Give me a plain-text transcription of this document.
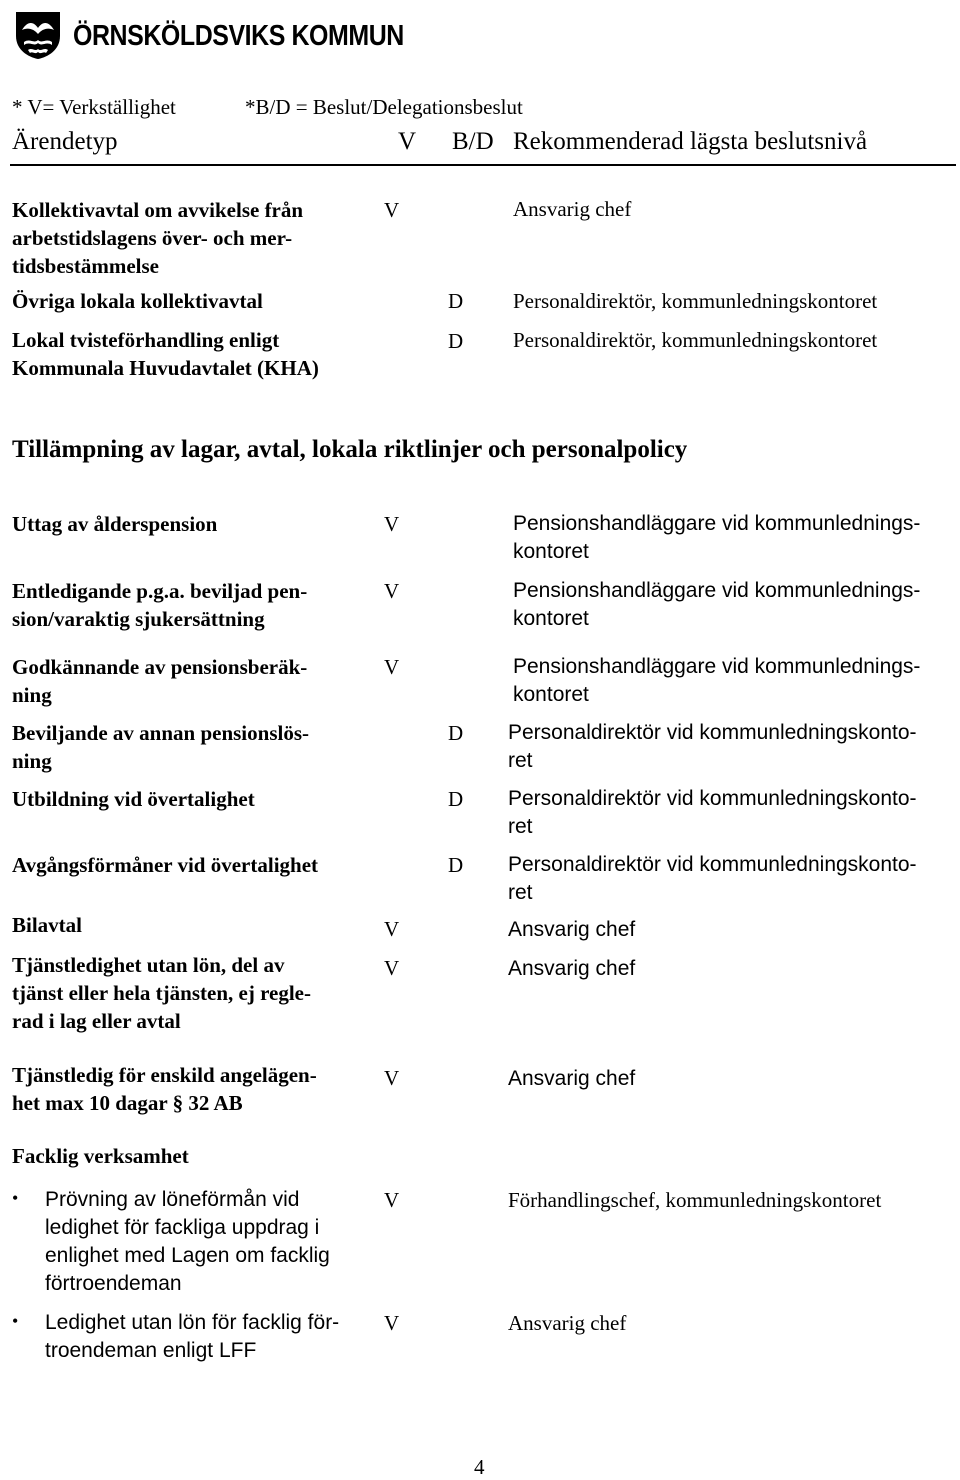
ÖRNSKÖLDSVIKS KOMMUN
* V= Verkställighet	*B/D = Beslut/Delegationsbeslut
Ärendetyp	V B/D Rekommenderad lägsta beslutsnivå
Kollektivavtal om avvikelse från
arbetstidslagens över- och mer-
tidsbestämmelse
V	Ansvarig chef
Övriga lokala kollektivavtal	D Personaldirektör, kommunledningskontoret
Lokal tvisteförhandling enligt
Kommunala Huvudavtalet (KHA)
D Personaldirektör, kommunledningskontoret
Tillämpning av lagar, avtal, lokala riktlinjer och personalpolicy
Uttag av ålderspension	V	Pensionshandläggare vid kommunlednings-
kontoret
Entledigande p.g.a. beviljad pen-
sion/varaktig sjukersättning
V	Pensionshandläggare vid kommunlednings-
kontoret
Godkännande av pensionsberäk-
ning
V	Pensionshandläggare vid kommunlednings-
kontoret
Beviljande av annan pensionslös-
ning
D Personaldirektör vid kommunledningskonto-
ret
Utbildning vid övertalighet	D Personaldirektör vid kommunledningskonto-
ret
Avgångsförmåner vid övertalighet	D Personaldirektör vid kommunledningskonto-
ret
Bilavtal	V	Ansvarig chef
Tjänstledighet utan lön, del av
tjänst eller hela tjänsten, ej regle-
rad i lag eller avtal
V	Ansvarig chef
Tjänstledig för enskild angelägen-
het max 10 dagar § 32 AB
V	Ansvarig chef
Facklig verksamhet
• Prövning av löneförmån vid
ledighet för fackliga uppdrag i
enlighet med Lagen om facklig
förtroendeman
V	Förhandlingschef, kommunledningskontoret
• Ledighet utan lön för facklig för-
troendeman enligt LFF
V	Ansvarig chef
4
